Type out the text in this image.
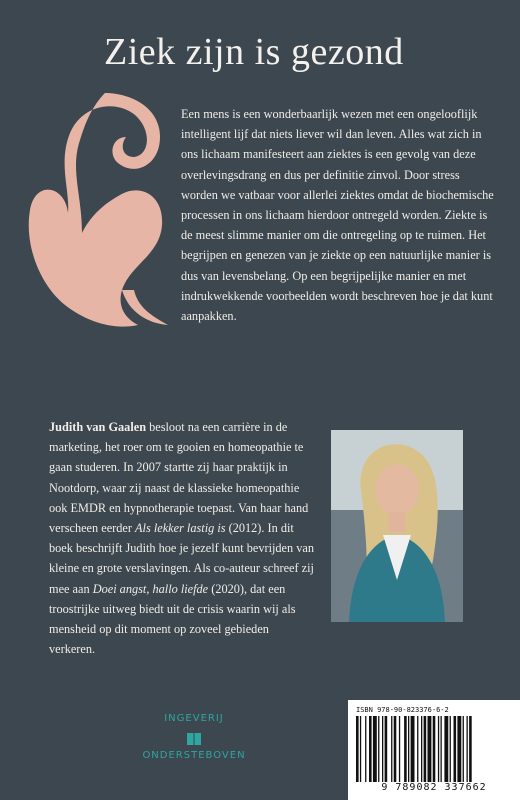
Ziek zijn is gezond

Een mens is een wonderbaarlijk wezen met een ongelooflijk intelligent lijf dat niets liever wil dan leven. Alles wat zich in ons lichaam manifesteert aan ziektes is een gevolg van deze overlevingsdrang en dus per definitie zinvol. Door stress worden we vatbaar voor allerlei ziektes omdat de biochemische processen in ons lichaam hierdoor ontregeld worden. Ziekte is de meest slimme manier om die ontregeling op te ruimen. Het begrijpen en genezen van je ziekte op een natuurlijke manier is dus van levensbelang. Op een begrijpelijke manier en met indrukwekkende voorbeelden wordt beschreven hoe je dat kunt aanpakken.

Judith van Gaalen besloot na een carrière in de marketing, het roer om te gooien en homeopathie te gaan studeren. In 2007 startte zij haar praktijk in Nootdorp, waar zij naast de klassieke homeopathie ook EMDR en hypnotherapie toepast. Van haar hand verscheen eerder Als lekker lastig is (2012). In dit boek beschrijft Judith hoe je jezelf kunt bevrijden van kleine en grote verslavingen. Als co-auteur schreef zij mee aan Doei angst, hallo liefde (2020), dat een troostrijke uitweg biedt uit de crisis waarin wij als mensheid op dit moment op zoveel gebieden verkeren.

INGEVERIJ
ONDERSTEBOVEN
ISBN 978-90-823376-6-2
9 789082 337662
